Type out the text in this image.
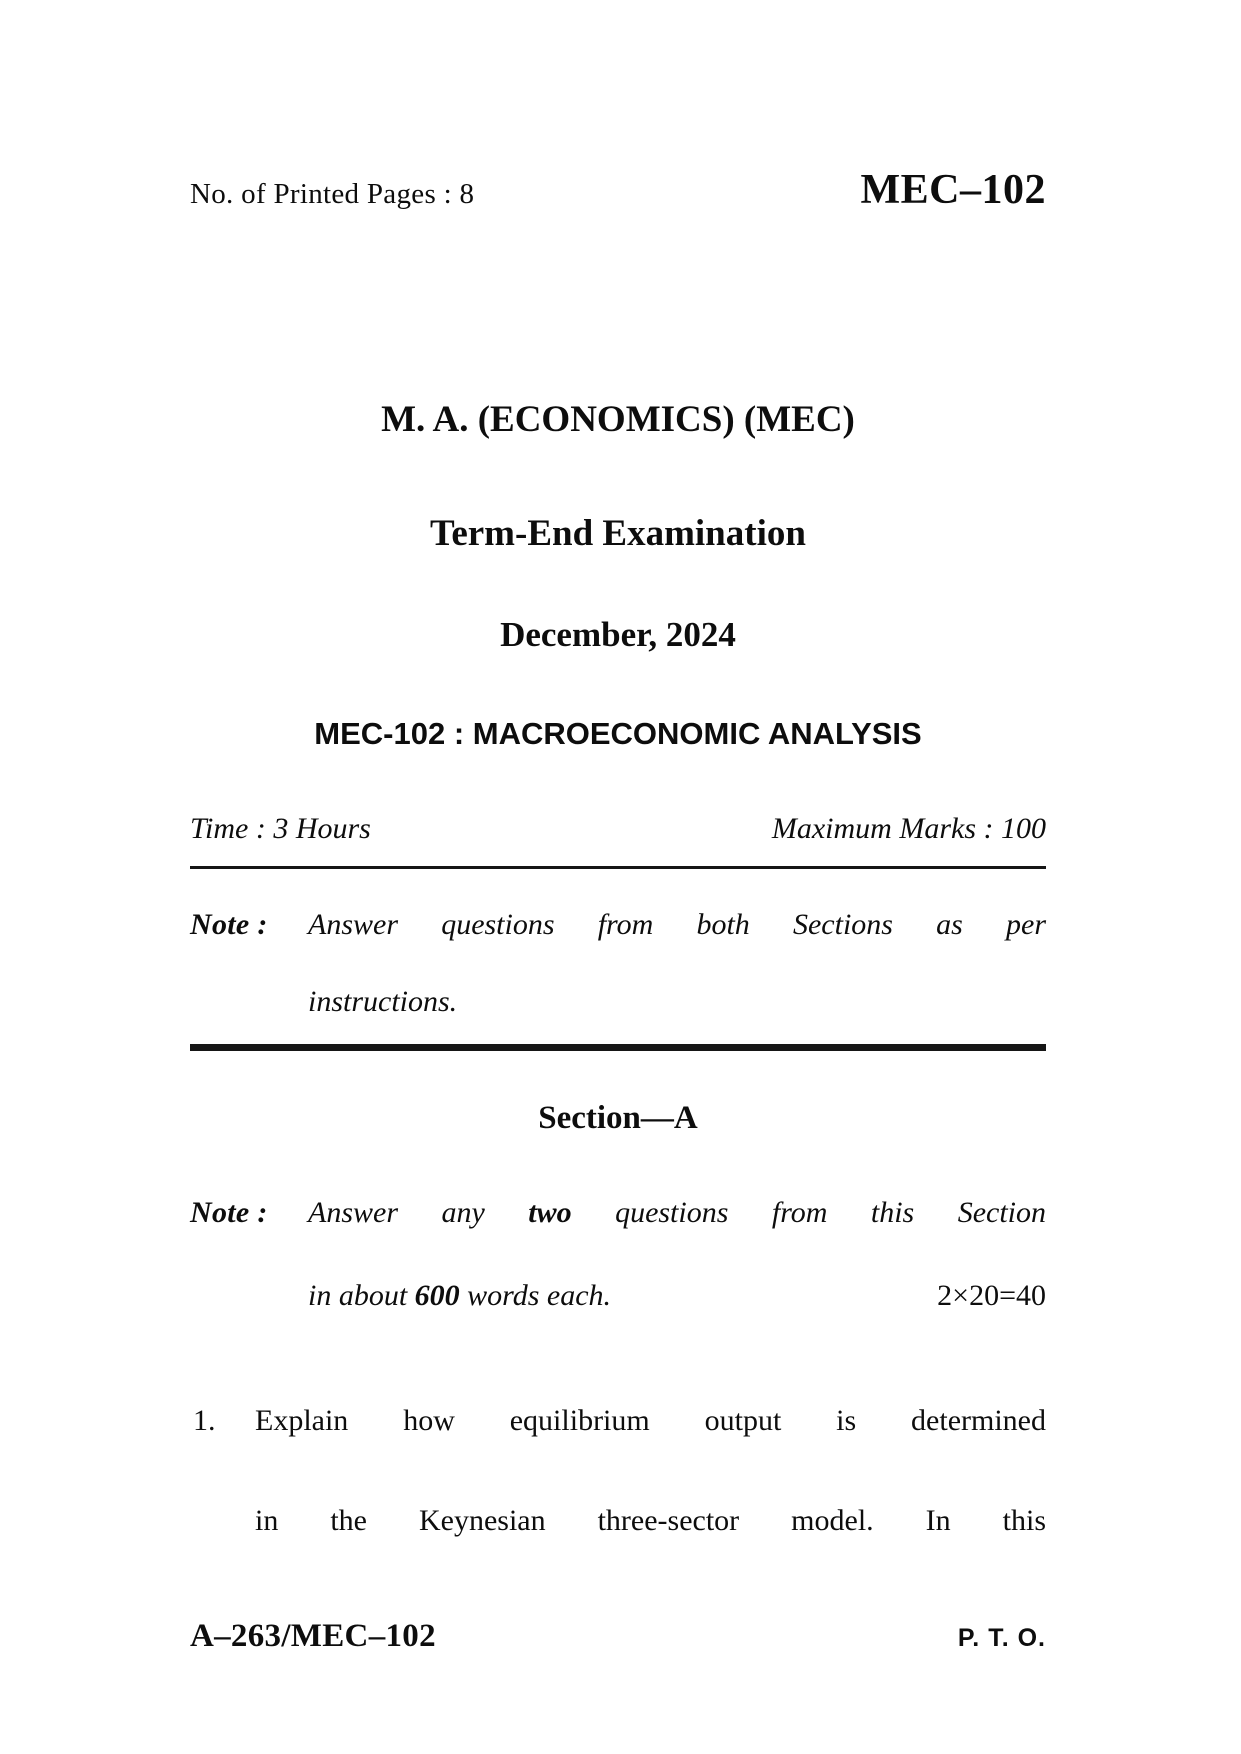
No. of Printed Pages : 8	MEC–102
M. A. (ECONOMICS) (MEC)
Term-End Examination
December, 2024
MEC-102 : MACROECONOMIC ANALYSIS
Time : 3 Hours	Maximum Marks : 100
Note : Answer questions from both Sections as per
instructions.
Section—A
Note : Answer any two questions from this Section
in about 600 words each.	2×20=40
1. Explain how equilibrium output is determined
in the Keynesian three-sector model. In this
A–263/MEC–102	P. T. O.
